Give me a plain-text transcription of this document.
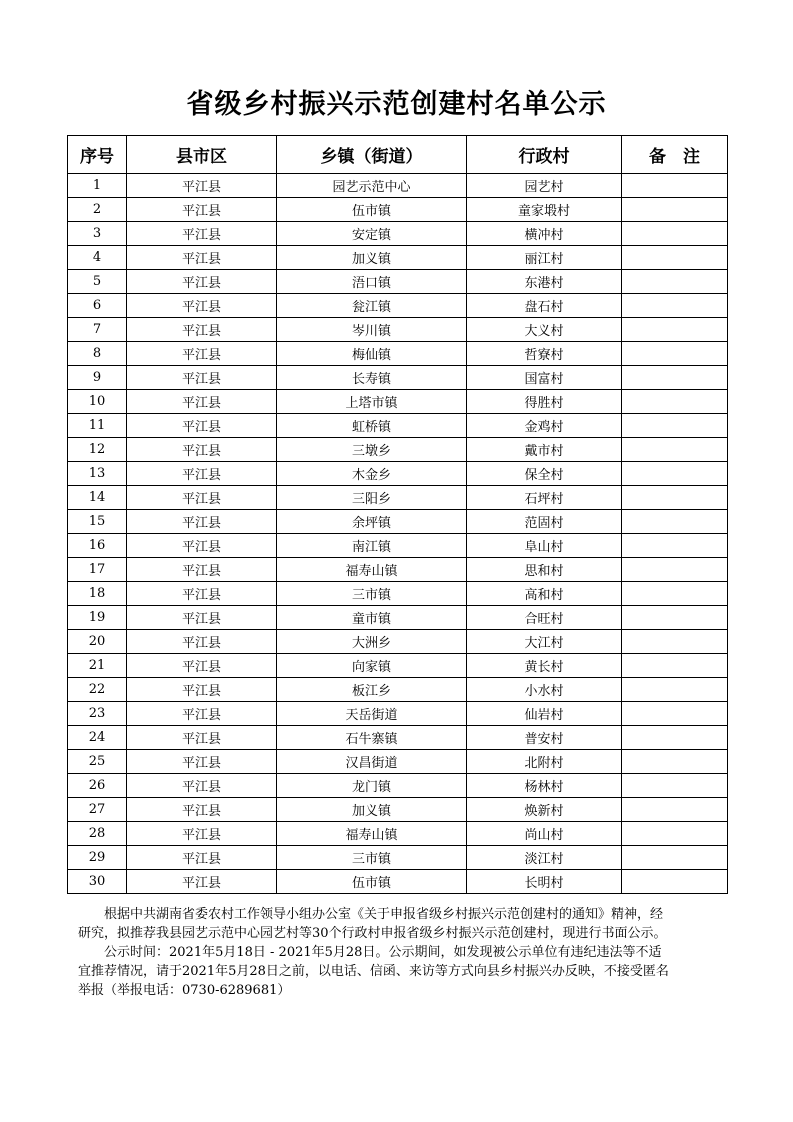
省级乡村振兴示范创建村名单公示
序号	县市区	乡镇（街道）	行政村	备　注
1	平江县	园艺示范中心	园艺村	
2	平江县	伍市镇	童家塅村	
3	平江县	安定镇	横冲村	
4	平江县	加义镇	丽江村	
5	平江县	浯口镇	东港村	
6	平江县	瓮江镇	盘石村	
7	平江县	岑川镇	大义村	
8	平江县	梅仙镇	哲寮村	
9	平江县	长寿镇	国富村	
10	平江县	上塔市镇	得胜村	
11	平江县	虹桥镇	金鸡村	
12	平江县	三墩乡	戴市村	
13	平江县	木金乡	保全村	
14	平江县	三阳乡	石坪村	
15	平江县	余坪镇	范固村	
16	平江县	南江镇	阜山村	
17	平江县	福寿山镇	思和村	
18	平江县	三市镇	高和村	
19	平江县	童市镇	合旺村	
20	平江县	大洲乡	大江村	
21	平江县	向家镇	黄长村	
22	平江县	板江乡	小水村	
23	平江县	天岳街道	仙岩村	
24	平江县	石牛寨镇	普安村	
25	平江县	汉昌街道	北附村	
26	平江县	龙门镇	杨林村	
27	平江县	加义镇	焕新村	
28	平江县	福寿山镇	尚山村	
29	平江县	三市镇	淡江村	
30	平江县	伍市镇	长明村	

根据中共湖南省委农村工作领导小组办公室《关于申报省级乡村振兴示范创建村的通知》精神，经研究，拟推荐我县园艺示范中心园艺村等30个行政村申报省级乡村振兴示范创建村，现进行书面公示。

公示时间：2021年5月18日 - 2021年5月28日。公示期间，如发现被公示单位有违纪违法等不适宜推荐情况，请于2021年5月28日之前，以电话、信函、来访等方式向县乡村振兴办反映，不接受匿名举报（举报电话：0730-6289681）
